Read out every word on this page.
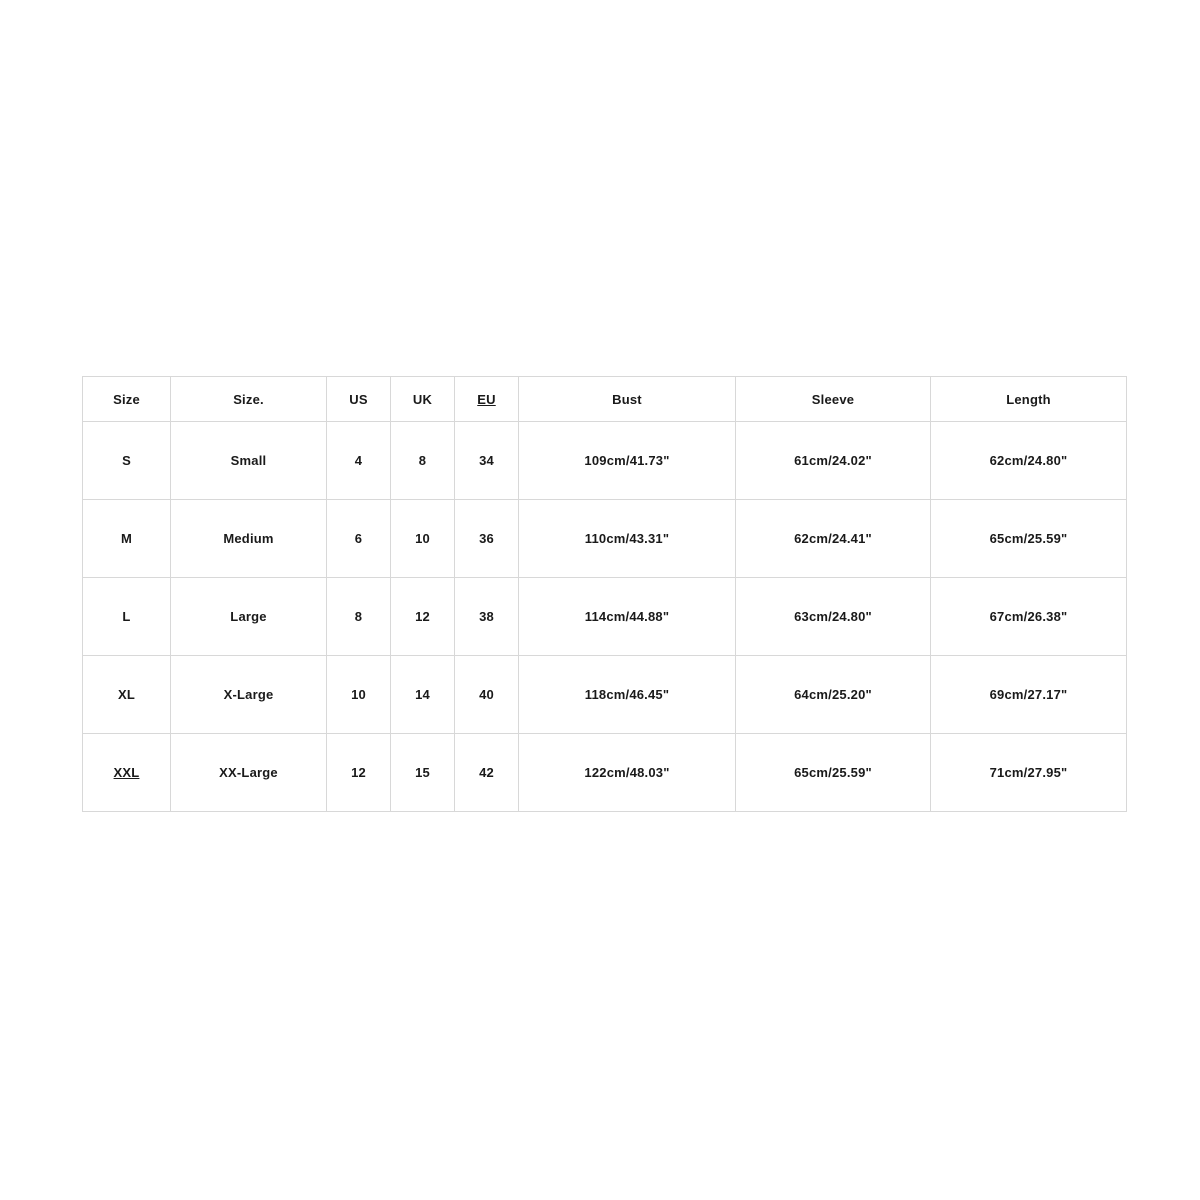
Size	Size.	US	UK	EU	Bust	Sleeve	Length
S	Small	4	8	34	109cm/41.73"	61cm/24.02"	62cm/24.80"
M	Medium	6	10	36	110cm/43.31"	62cm/24.41"	65cm/25.59"
L	Large	8	12	38	114cm/44.88"	63cm/24.80"	67cm/26.38"
XL	X-Large	10	14	40	118cm/46.45"	64cm/25.20"	69cm/27.17"
XXL	XX-Large	12	15	42	122cm/48.03"	65cm/25.59"	71cm/27.95"
